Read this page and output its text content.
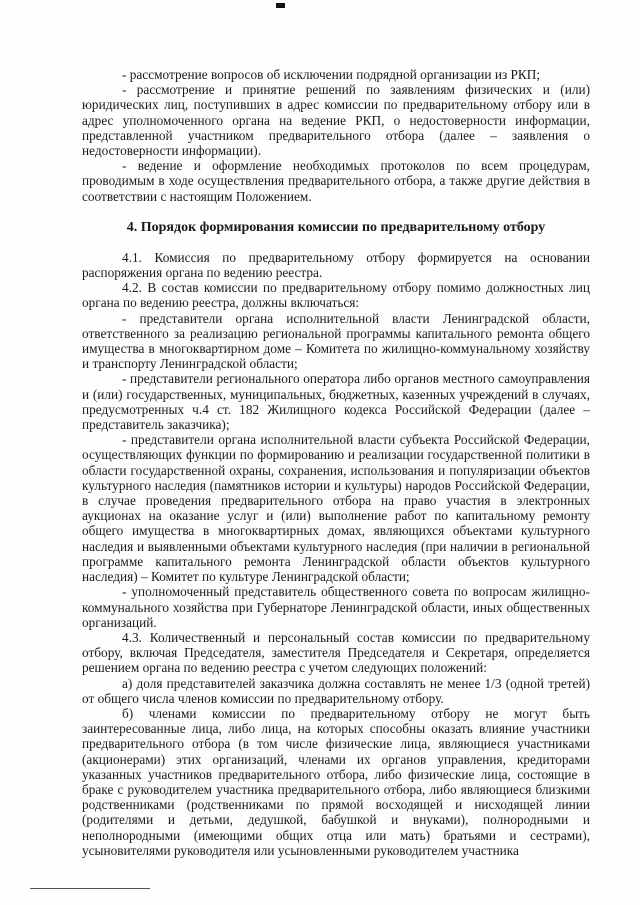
- рассмотрение вопросов об исключении подрядной организации из РКП;

- рассмотрение и принятие решений по заявлениям физических и (или) юридических лиц, поступивших в адрес комиссии по предварительному отбору или в адрес уполномоченного органа на ведение РКП, о недостоверности информации, представленной участником предварительного отбора (далее – заявления о недостоверности информации).

- ведение и оформление необходимых протоколов по всем процедурам, проводимым в ходе осуществления предварительного отбора, а также другие действия в соответствии с настоящим Положением.

4. Порядок формирования комиссии по предварительному отбору

4.1. Комиссия по предварительному отбору формируется на основании распоряжения органа по ведению реестра.

4.2. В состав комиссии по предварительному отбору помимо должностных лиц органа по ведению реестра, должны включаться:

- представители органа исполнительной власти Ленинградской области, ответственного за реализацию региональной программы капитального ремонта общего имущества в многоквартирном доме – Комитета по жилищно-коммунальному хозяйству и транспорту Ленинградской области;

- представители регионального оператора либо органов местного самоуправления и (или) государственных, муниципальных, бюджетных, казенных учреждений в случаях, предусмотренных ч.4 ст. 182 Жилищного кодекса Российской Федерации (далее – представитель заказчика);

- представители органа исполнительной власти субъекта Российской Федерации, осуществляющих функции по формированию и реализации государственной политики в области государственной охраны, сохранения, использования и популяризации объектов культурного наследия (памятников истории и культуры) народов Российской Федерации, в случае проведения предварительного отбора на право участия в электронных аукционах на оказание услуг и (или) выполнение работ по капитальному ремонту общего имущества в многоквартирных домах, являющихся объектами культурного наследия и выявленными объектами культурного наследия (при наличии в региональной программе капитального ремонта Ленинградской области объектов культурного наследия) – Комитет по культуре Ленинградской области;

- уполномоченный представитель общественного совета по вопросам жилищно-коммунального хозяйства при Губернаторе Ленинградской области, иных общественных организаций.

4.3. Количественный и персональный состав комиссии по предварительному отбору, включая Председателя, заместителя Председателя и Секретаря, определяется решением органа по ведению реестра с учетом следующих положений:

а) доля представителей заказчика должна составлять не менее 1/3 (одной третей) от общего числа членов комиссии по предварительному отбору.

б) членами комиссии по предварительному отбору не могут быть заинтересованные лица, либо лица, на которых способны оказать влияние участники предварительного отбора (в том числе физические лица, являющиеся участниками (акционерами) этих организаций, членами их органов управления, кредиторами указанных участников предварительного отбора, либо физические лица, состоящие в браке с руководителем участника предварительного отбора, либо являющиеся близкими родственниками (родственниками по прямой восходящей и нисходящей линии (родителями и детьми, дедушкой, бабушкой и внуками), полнородными и неполнородными (имеющими общих отца или мать) братьями и сестрами), усыновителями руководителя или усыновленными руководителем участника
